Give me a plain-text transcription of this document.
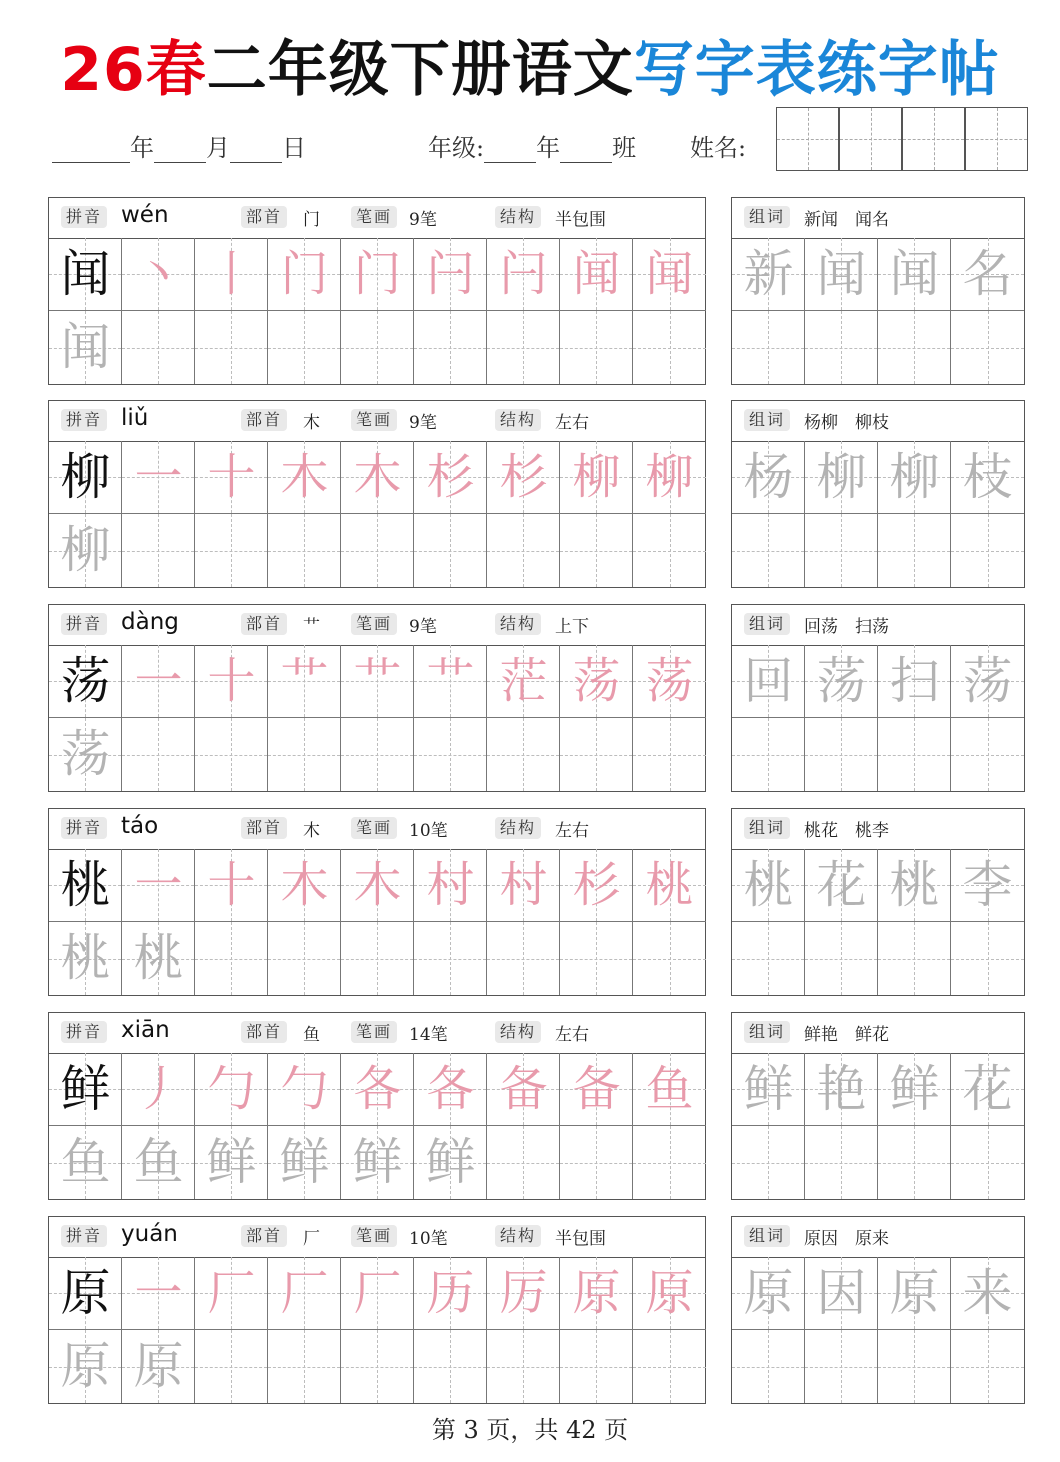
26春二年级下册语文写字表练字帖
年 月 日	年级: 年 班 姓名:
拼音 wén	部首 门	笔画 9笔	结构 半包围
闻 丶 丨 门 门 闩 闩 闻 闻
闻
组词 新闻　闻名
新 闻 闻 名
拼音 liǔ	部首 木	笔画 9笔	结构 左右
柳 一 十 木 木 杉 杉 柳 柳
柳
组词 杨柳　柳枝
杨 柳 柳 枝
拼音 dàng	部首 艹	笔画 9笔	结构 上下
荡 一 十 艹 艹 艹 茫 荡 荡
荡
组词 回荡　扫荡
回 荡 扫 荡
拼音 táo	部首 木	笔画 10笔	结构 左右
桃 一 十 木 木 村 村 杉 桃
桃 桃
组词 桃花　桃李
桃 花 桃 李
拼音 xiān	部首 鱼	笔画 14笔	结构 左右
鲜 丿 勹 勹 各 各 备 备 鱼
鱼 鱼 鲜 鲜 鲜 鲜
组词 鲜艳　鲜花
鲜 艳 鲜 花
拼音 yuán	部首 厂	笔画 10笔	结构 半包围
原 一 厂 厂 厂 历 厉 原 原
原 原
组词 原因　原来
原 因 原 来
第 3 页，共 42 页
